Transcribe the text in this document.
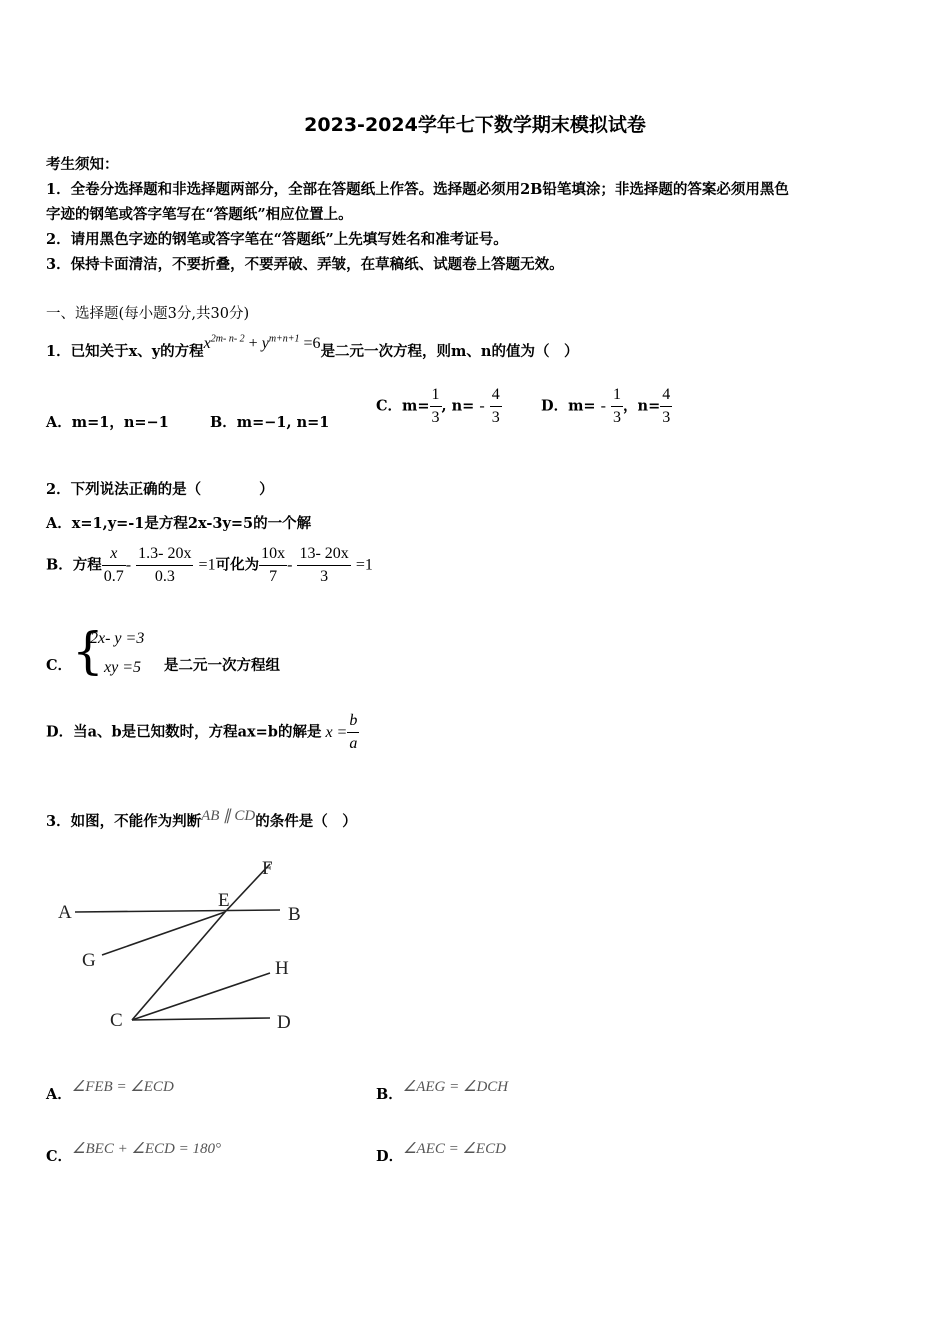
2023-2024学年七下数学期末模拟试卷
考生须知：
1．全卷分选择题和非选择题两部分，全部在答题纸上作答。选择题必须用2B铅笔填涂；非选择题的答案必须用黑色
字迹的钢笔或答字笔写在“答题纸”相应位置上。
2．请用黑色字迹的钢笔或答字笔在“答题纸”上先填写姓名和准考证号。
3．保持卡面清洁，不要折叠，不要弄破、弄皱，在草稿纸、试题卷上答题无效。
一、选择题(每小题3分,共30分)
1．已知关于x、y的方程$x^{2m- n- 2} + y^{m+n+1} =6$是二元一次方程，则m、n的值为（　）
A．m=1，n=−1	B．m=−1, n=1
C．$m= \frac{1}{3}$ , $n= - \frac{4}{3}$	D．$m= - \frac{1}{3}$ ，$n= \frac{4}{3}$
2．下列说法正确的是（　　　　）
A．x=1,y=-1是方程2x-3y=5的一个解
B．方程 $\frac{x}{0.7} - \frac{1.3- 20x}{0.3} =1$可化为 $\frac{10x}{7} - \frac{13- 20x}{3} =1$
C． {
2x- y =3
xy =5 是二元一次方程组
D．当a、b是已知数时，方程ax=b的解是 $x = \frac{b}{a}$
3．如图，不能作为判断AB ∥ CD的条件是（　）
A	B
E
F
G
C
H
D
A．∠FEB = ∠ECD	B．∠AEG = ∠DCH
C．∠BEC + ∠ECD = 180°	D．∠AEC = ∠ECD
